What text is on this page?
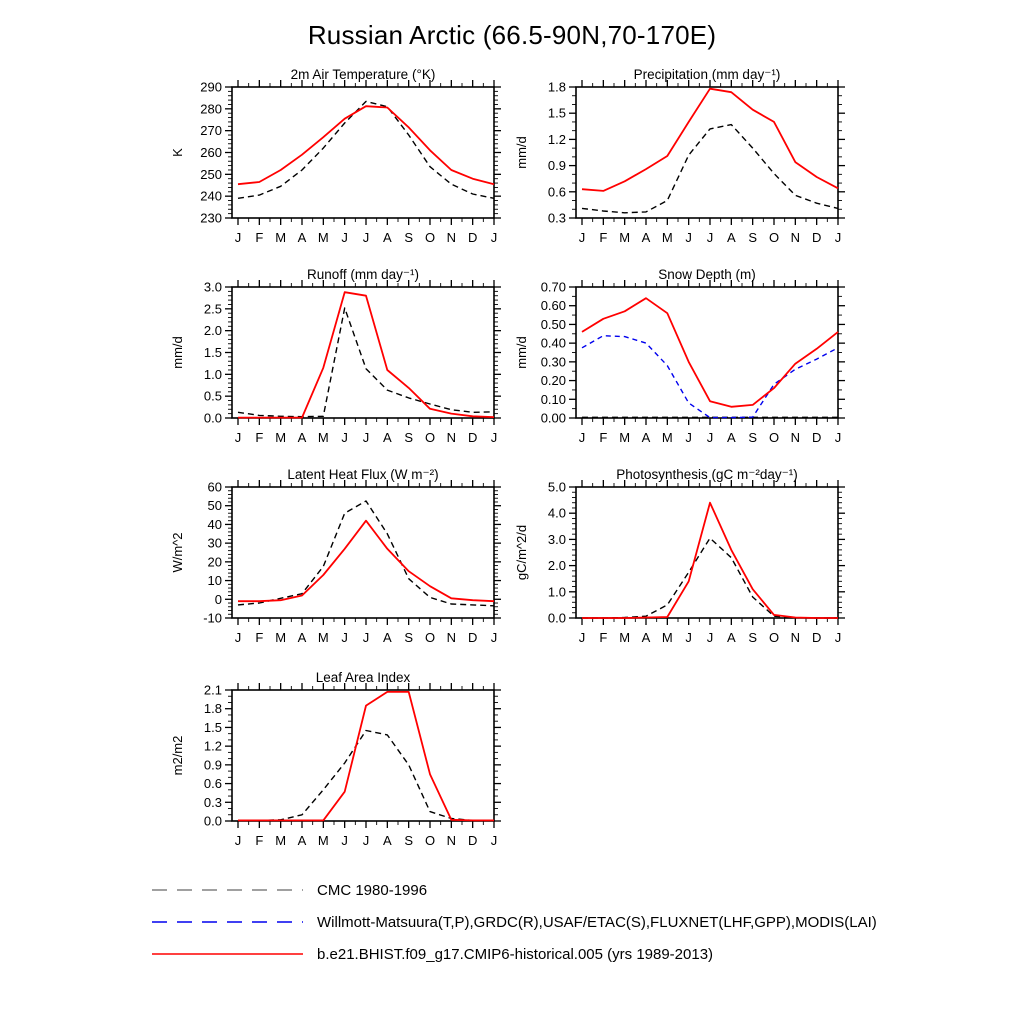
Russian Arctic (66.5-90N,70-170E)
2m Air Temperature (°K)
K
230
240
250
260
270
280
290
J F M A M J J A S O N D J
Precipitation (mm day⁻¹)
mm/d
0.3
0.6
0.9
1.2
1.5
1.8
J F M A M J J A S O N D J
Runoff (mm day⁻¹)
mm/d
0.0
0.5
1.0
1.5
2.0
2.5
3.0
J F M A M J J A S O N D J
Snow Depth (m)
mm/d
0.00
0.10
0.20
0.30
0.40
0.50
0.60
0.70
J F M A M J J A S O N D J
Latent Heat Flux (W m⁻²)
W/m^2
-10
0
10
20
30
40
50
60
J F M A M J J A S O N D J
Photosynthesis (gC m⁻²day⁻¹)
gC/m^2/d
0.0
1.0
2.0
3.0
4.0
5.0
J F M A M J J A S O N D J
Leaf Area Index
m2/m2
0.0
0.3
0.6
0.9
1.2
1.5
1.8
2.1
J F M A M J J A S O N D J
CMC 1980-1996
Willmott-Matsuura(T,P),GRDC(R),USAF/ETAC(S),FLUXNET(LHF,GPP),MODIS(LAI)
b.e21.BHIST.f09_g17.CMIP6-historical.005 (yrs 1989-2013)
